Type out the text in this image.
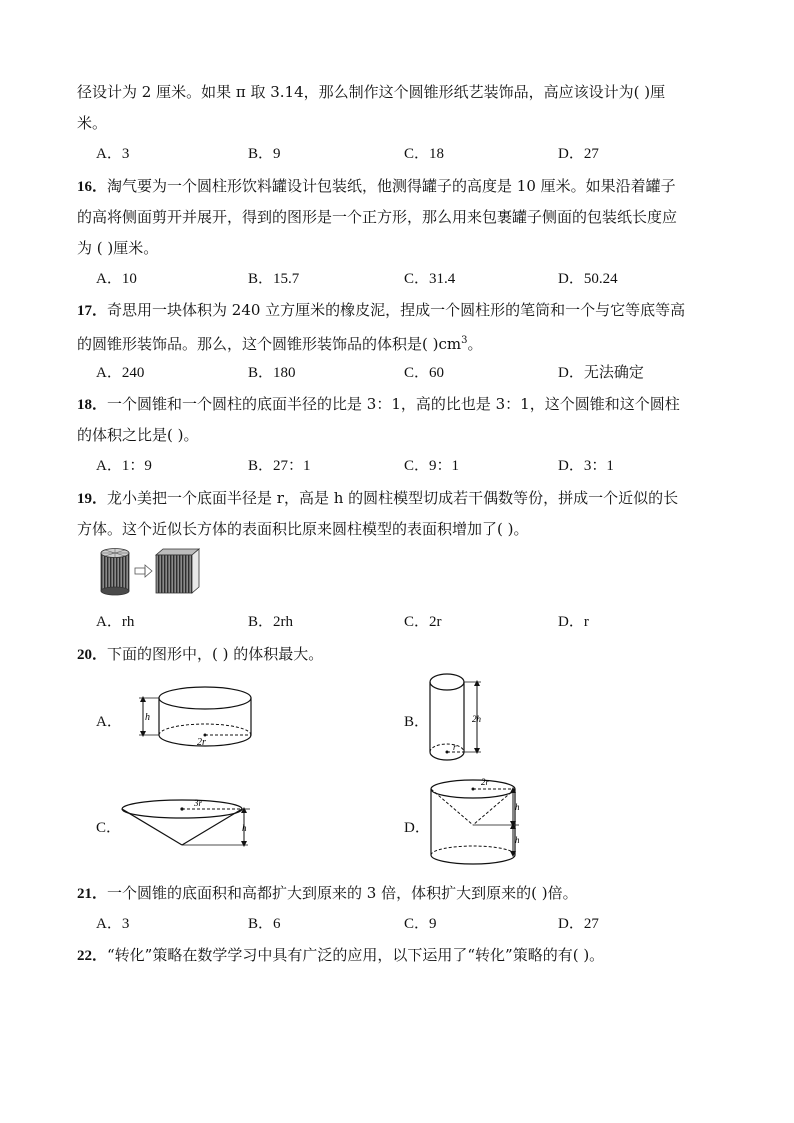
径设计为 2 厘米。如果 π 取 3.14，那么制作这个圆锥形纸艺装饰品，高应该设计为( )厘
米。
A．3	B．9	C．18	D．27
16．淘气要为一个圆柱形饮料罐设计包装纸，他测得罐子的高度是 10 厘米。如果沿着罐子
的高将侧面剪开并展开，得到的图形是一个正方形，那么用来包裹罐子侧面的包装纸长度应
为 ( )厘米。
A．10	B．15.7	C．31.4	D．50.24
17．奇思用一块体积为 240 立方厘米的橡皮泥，捏成一个圆柱形的笔筒和一个与它等底等高
的圆锥形装饰品。那么，这个圆锥形装饰品的体积是( )$cm^3$。
A．240	B．180	C．60	D．无法确定
18．一个圆锥和一个圆柱的底面半径的比是 3：1，高的比也是 3：1，这个圆锥和这个圆柱
的体积之比是( )。
A．1：9	B．27：1	C．9：1	D．3：1
19．龙小美把一个底面半径是 r，高是 h 的圆柱模型切成若干偶数等份，拼成一个近似的长
方体。这个近似长方体的表面积比原来圆柱模型的表面积增加了( )。
A．rh	B．2rh	C．2r	D．r
20．下面的图形中，( ) 的体积最大。
A． h
2r
B．
r
2h
C．
3r
h	D．
2r
h
h
21．一个圆锥的底面积和高都扩大到原来的 3 倍，体积扩大到原来的( )倍。
A．3	B．6	C．9	D．27
22．“转化”策略在数学学习中具有广泛的应用，以下运用了“转化”策略的有( )。
